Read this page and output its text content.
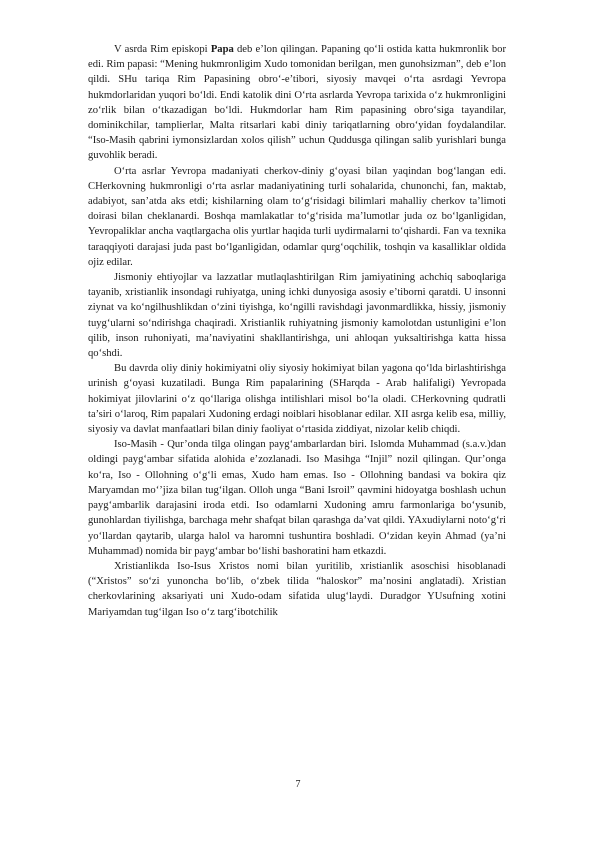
V asrda Rim episkopi Papa deb e’lon qilingan. Papaning qo‘li ostida katta hukmronlik bor edi. Rim papasi: “Mening hukmronligim Xudo tomonidan berilgan, men gunohsizman”, deb e’lon qildi. SHu tariqa Rim Papasining obro‘-e’tibori, siyosiy mavqei o‘rta asrdagi Yevropa hukmdorlaridan yuqori bo‘ldi. Endi katolik dini O‘rta asrlarda Yevropa tarixida o‘z hukmronligini zo‘rlik bilan o‘tkazadigan bo‘ldi. Hukmdorlar ham Rim papasining obro‘siga tayandilar, dominikchilar, tamplierlar, Malta ritsarlari kabi diniy tariqatlarning obro‘yidan foydalandilar. “Iso-Masih qabrini iymonsizlardan xolos qilish” uchun Quddusga qilingan salib yurishlari bunga guvohlik beradi.

O‘rta asrlar Yevropa madaniyati cherkov-diniy g‘oyasi bilan yaqindan bog‘langan edi. CHerkovning hukmronligi o‘rta asrlar madaniyatining turli sohalarida, chunonchi, fan, maktab, adabiyot, san’atda aks etdi; kishilarning olam to‘g‘risidagi bilimlari mahalliy cherkov ta’limoti doirasi bilan cheklanardi. Boshqa mamlakatlar to‘g‘risida ma’lumotlar juda oz bo‘lganligidan, Yevropaliklar ancha vaqtlargacha olis yurtlar haqida turli uydirmalarni to‘qishardi. Fan va texnika taraqqiyoti darajasi juda past bo‘lganligidan, odamlar qurg‘oqchilik, toshqin va kasalliklar oldida ojiz edilar.

Jismoniy ehtiyojlar va lazzatlar mutlaqlashtirilgan Rim jamiyatining achchiq saboqlariga tayanib, xristianlik insondagi ruhiyatga, uning ichki dunyosiga asosiy e’tiborni qaratdi. U insonni ziynat va ko‘ngilhushlikdan o‘zini tiyishga, ko‘ngilli ravishdagi javonmardlikka, hissiy, jismoniy tuyg‘ularni so‘ndirishga chaqiradi. Xristianlik ruhiyatning jismoniy kamolotdan ustunligini e’lon qilib, inson ruhoniyati, ma’naviyatini shakllantirishga, uni ahloqan yuksaltirishga katta hissa qo‘shdi.

Bu davrda oliy diniy hokimiyatni oliy siyosiy hokimiyat bilan yagona qo‘lda birlashtirishga urinish g‘oyasi kuzatiladi. Bunga Rim papalarining (SHarqda - Arab halifaligi) Yevropada hokimiyat jilovlarini o‘z qo‘llariga olishga intilishlari misol bo‘la oladi. CHerkovning qudratli ta’siri o‘laroq, Rim papalari Xudoning erdagi noiblari hisoblanar edilar. XII asrga kelib esa, milliy, siyosiy va davlat manfaatlari bilan diniy faoliyat o‘rtasida ziddiyat, nizolar kelib chiqdi.

Iso-Masih - Qur’onda tilga olingan payg‘ambarlardan biri. Islomda Muhammad (s.a.v.)dan oldingi payg‘ambar sifatida alohida e’zozlanadi. Iso Masihga “Injil” nozil qilingan. Qur’onga ko‘ra, Iso - Ollohning o‘g‘li emas, Xudo ham emas. Iso - Ollohning bandasi va bokira qiz Maryamdan mo‘’jiza bilan tug‘ilgan. Olloh unga “Bani Isroil” qavmini hidoyatga boshlash uchun payg‘ambarlik darajasini iroda etdi. Iso odamlarni Xudoning amru farmonlariga bo‘ysunib, gunohlardan tiyilishga, barchaga mehr shafqat bilan qarashga da’vat qildi. YAxudiylarni noto‘g‘ri yo‘llardan qaytarib, ularga halol va haromni tushuntira boshladi. O‘zidan keyin Ahmad (ya’ni Muhammad) nomida bir payg‘ambar bo‘lishi bashoratini ham etkazdi.

Xristianlikda Iso-Isus Xristos nomi bilan yuritilib, xristianlik asoschisi hisoblanadi (“Xristos” so‘zi yunoncha bo‘lib, o‘zbek tilida “haloskor” ma’nosini anglatadi). Xristian cherkovlarining aksariyati uni Xudo-odam sifatida ulug‘laydi. Duradgor YUsufning xotini Mariyamdan tug‘ilgan Iso o‘z targ‘ibotchilik

7
